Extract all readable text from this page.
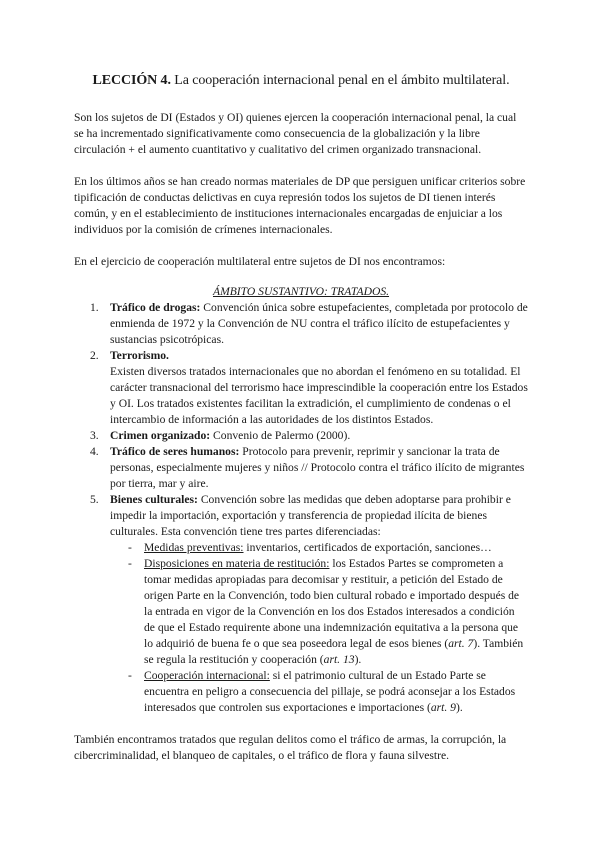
LECCIÓN 4. La cooperación internacional penal en el ámbito multilateral.

Son los sujetos de DI (Estados y OI) quienes ejercen la cooperación internacional penal, la cual se ha incrementado significativamente como consecuencia de la globalización y la libre circulación + el aumento cuantitativo y cualitativo del crimen organizado transnacional.

En los últimos años se han creado normas materiales de DP que persiguen unificar criterios sobre tipificación de conductas delictivas en cuya represión todos los sujetos de DI tienen interés común, y en el establecimiento de instituciones internacionales encargadas de enjuiciar a los individuos por la comisión de crímenes internacionales.

En el ejercicio de cooperación multilateral entre sujetos de DI nos encontramos:

ÁMBITO SUSTANTIVO: TRATADOS.

1. Tráfico de drogas: Convención única sobre estupefacientes, completada por protocolo de enmienda de 1972 y la Convención de NU contra el tráfico ilícito de estupefacientes y sustancias psicotrópicas.
2. Terrorismo.
Existen diversos tratados internacionales que no abordan el fenómeno en su totalidad. El carácter transnacional del terrorismo hace imprescindible la cooperación entre los Estados y OI. Los tratados existentes facilitan la extradición, el cumplimiento de condenas o el intercambio de información a las autoridades de los distintos Estados.
3. Crimen organizado: Convenio de Palermo (2000).
4. Tráfico de seres humanos: Protocolo para prevenir, reprimir y sancionar la trata de personas, especialmente mujeres y niños // Protocolo contra el tráfico ilícito de migrantes por tierra, mar y aire.
5. Bienes culturales: Convención sobre las medidas que deben adoptarse para prohibir e impedir la importación, exportación y transferencia de propiedad ilícita de bienes culturales. Esta convención tiene tres partes diferenciadas:
- Medidas preventivas: inventarios, certificados de exportación, sanciones…
- Disposiciones en materia de restitución: los Estados Partes se comprometen a tomar medidas apropiadas para decomisar y restituir, a petición del Estado de origen Parte en la Convención, todo bien cultural robado e importado después de la entrada en vigor de la Convención en los dos Estados interesados a condición de que el Estado requirente abone una indemnización equitativa a la persona que lo adquirió de buena fe o que sea poseedora legal de esos bienes (art. 7). También se regula la restitución y cooperación (art. 13).
- Cooperación internacional: si el patrimonio cultural de un Estado Parte se encuentra en peligro a consecuencia del pillaje, se podrá aconsejar a los Estados interesados que controlen sus exportaciones e importaciones (art. 9).

También encontramos tratados que regulan delitos como el tráfico de armas, la corrupción, la cibercriminalidad, el blanqueo de capitales, o el tráfico de flora y fauna silvestre.
